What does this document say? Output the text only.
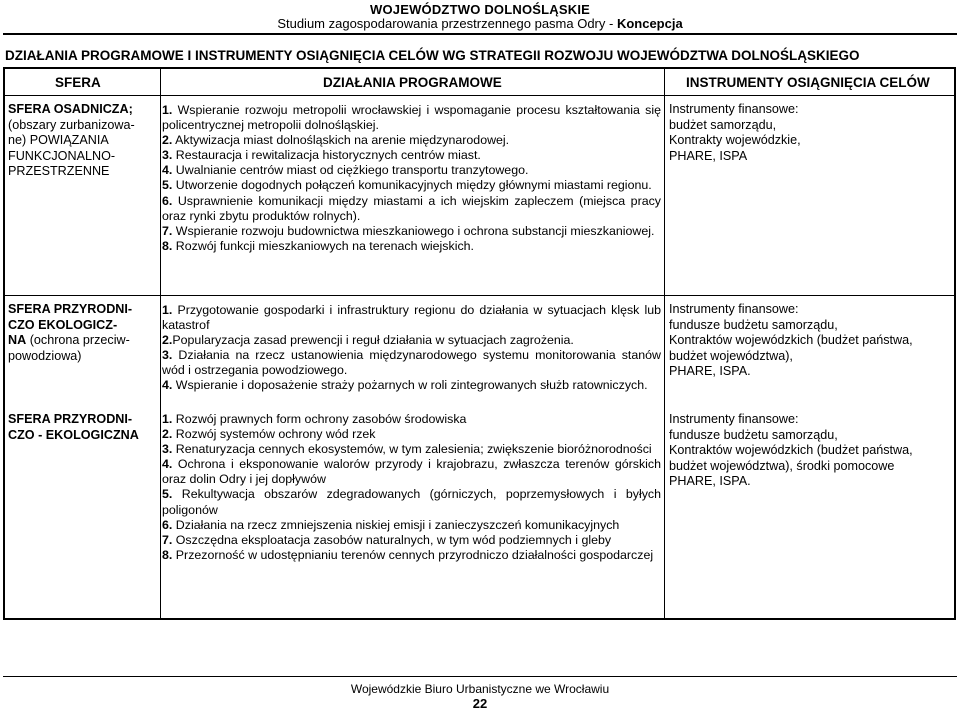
WOJEWÓDZTWO DOLNOŚLĄSKIE
Studium zagospodarowania przestrzennego pasma Odry - Koncepcja
DZIAŁANIA PROGRAMOWE I INSTRUMENTY OSIĄGNIĘCIA CELÓW WG STRATEGII ROZWOJU WOJEWÓDZTWA DOLNOŚLĄSKIEGO
SFERA	DZIAŁANIA PROGRAMOWE	INSTRUMENTY OSIĄGNIĘCIA CELÓW
SFERA OSADNICZA;
(obszary zurbanizowa-
ne) POWIĄZANIA
FUNKCJONALNO-
PRZESTRZENNE
1. Wspieranie rozwoju metropolii wrocławskiej i wspomaganie procesu kształtowania się policentrycznej metropolii dolnośląskiej.
2. Aktywizacja miast dolnośląskich na arenie międzynarodowej.
3. Restauracja i rewitalizacja historycznych centrów miast.
4. Uwalnianie centrów miast od ciężkiego transportu tranzytowego.
5. Utworzenie dogodnych połączeń komunikacyjnych między głównymi miastami regionu.
6. Usprawnienie komunikacji między miastami a ich wiejskim zapleczem (miejsca pracy oraz rynki zbytu produktów rolnych).
7. Wspieranie rozwoju budownictwa mieszkaniowego i ochrona substancji mieszkaniowej.
8. Rozwój funkcji mieszkaniowych na terenach wiejskich.
Instrumenty finansowe:
budżet samorządu,
Kontrakty wojewódzkie,
PHARE, ISPA
SFERA PRZYRODNI-
CZO EKOLOGICZ-
NA (ochrona przeciw-
powodziowa)
1. Przygotowanie gospodarki i infrastruktury regionu do działania w sytuacjach klęsk lub katastrof
2.Popularyzacja zasad prewencji i reguł działania w sytuacjach zagrożenia.
3. Działania na rzecz ustanowienia międzynarodowego systemu monitorowania stanów wód i ostrzegania powodziowego.
4. Wspieranie i doposażenie straży pożarnych w roli zintegrowanych służb ratowniczych.
Instrumenty finansowe:
fundusze budżetu samorządu,
Kontraktów wojewódzkich (budżet państwa,
budżet województwa),
PHARE, ISPA.
SFERA PRZYRODNI-
CZO - EKOLOGICZNA
1. Rozwój prawnych form ochrony zasobów środowiska
2. Rozwój systemów ochrony wód rzek
3. Renaturyzacja cennych ekosystemów, w tym zalesienia; zwiększenie bioróżnorodności
4. Ochrona i eksponowanie walorów przyrody i krajobrazu, zwłaszcza terenów górskich oraz dolin Odry i jej dopływów
5. Rekultywacja obszarów zdegradowanych (górniczych, poprzemysłowych i byłych poligonów
6. Działania na rzecz zmniejszenia niskiej emisji i zanieczyszczeń komunikacyjnych
7. Oszczędna eksploatacja zasobów naturalnych, w tym wód podziemnych i gleby
8. Przezorność w udostępnianiu terenów cennych przyrodniczo działalności gospodarczej
Instrumenty finansowe:
fundusze budżetu samorządu,
Kontraktów wojewódzkich (budżet państwa,
budżet województwa), środki pomocowe
PHARE, ISPA.
Wojewódzkie Biuro Urbanistyczne we Wrocławiu
22
